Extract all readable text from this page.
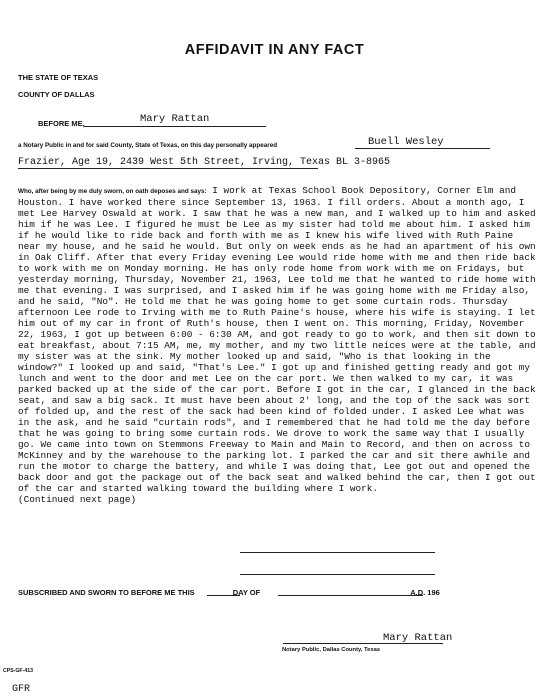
AFFIDAVIT IN ANY FACT
THE STATE OF TEXAS
COUNTY OF DALLAS
BEFORE ME,	Mary Rattan
a Notary Public in and for said County, State of Texas, on this day personally appeared	Buell Wesley
Frazier, Age 19, 2439 West 5th Street, Irving, Texas BL 3-8965

Who, after being by me duly sworn, on oath deposes and says: I work at Texas School Book Depository, Corner Elm and Houston. I have worked there since September 13, 1963. I fill orders. About a month ago, I met Lee Harvey Oswald at work. I saw that he was a new man, and I walked up to him and asked him if he was Lee. I figured he must be Lee as my sister had told me about him. I asked him if he would like to ride back and forth with me as I knew his wife lived with Ruth Paine near my house, and he said he would. But only on week ends as he had an apartment of his own in Oak Cliff. After that every Friday evening Lee would ride home with me and then ride back to work with me on Monday morning. He has only rode home from work with me on Fridays, but yesterday morning, Thursday, November 21, 1963, Lee told me that he wanted to ride home with me that evening. I was surprised, and I asked him if he was going home with me Friday also, and he said, "No". He told me that he was going home to get some curtain rods. Thursday afternoon Lee rode to Irving with me to Ruth Paine's house, where his wife is staying. I let him out of my car in front of Ruth's house, then I went on. This morning, Friday, November 22, 1963, I got up between 6:00 - 6:30 AM, and got ready to go to work, and then sit down to eat breakfast, about 7:15 AM, me, my mother, and my two little neices were at the table, and my sister was at the sink. My mother looked up and said, "Who is that looking in the window?" I looked up and said, "That's Lee." I got up and finished getting ready and got my lunch and went to the door and met Lee on the car port. We then walked to my car, it was parked backed up at the side of the car port. Before I got in the car, I glanced in the back seat, and saw a big sack. It must have been about 2' long, and the top of the sack was sort of folded up, and the rest of the sack had been kind of folded under. I asked Lee what was in the ask, and he said "curtain rods", and I remembered that he had told me the day before that he was going to bring some curtain rods. We drove to work the same way that I usually go. We came into town on Stemmons Freeway to Main and Main to Record, and then on across to McKinney and by the warehouse to the parking lot. I parked the car and sit there awhile and run the motor to charge the battery, and while I was doing that, Lee got out and opened the back door and got the package out of the back seat and walked behind the car, then I got out of the car and started walking toward the building where I work.
(Continued next page)

SUBSCRIBED AND SWORN TO BEFORE ME THIS	DAY OF	A.D. 196
Mary Rattan
Notary Public, Dallas County, Texas
CPS-GF-413
GFR
